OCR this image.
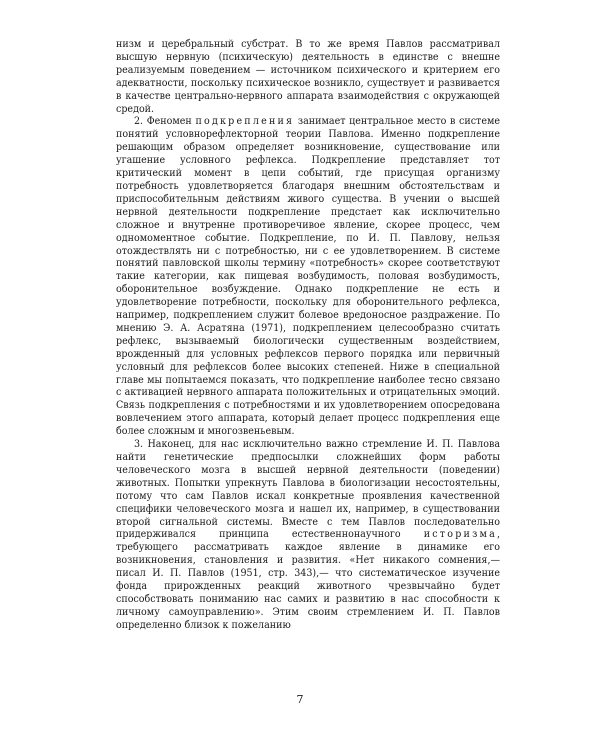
низм и церебральный субстрат. В то же время Павлов рассматривал высшую нервную (психическую) деятельность в единстве с внешне реализуемым поведением — источником психического и критерием его адекватности, поскольку психическое возникло, существует и развивается в качестве центрально-нервного аппарата взаимодействия с окружающей средой.

2. Феномен подкрепления занимает центральное место в системе понятий условнорефлекторной теории Павлова. Именно подкрепление решающим образом определяет возникновение, существование или угашение условного рефлекса. Подкрепление представляет тот критический момент в цепи событий, где присущая организму потребность удовлетворяется благодаря внешним обстоятельствам и приспособительным действиям живого существа. В учении о высшей нервной деятельности подкрепление предстает как исключительно сложное и внутренне противоречивое явление, скорее процесс, чем одномоментное событие. Подкрепление, по И. П. Павлову, нельзя отождествлять ни с потребностью, ни с ее удовлетворением. В системе понятий павловской школы термину «потребность» скорее соответствуют такие категории, как пищевая возбудимость, половая возбудимость, оборонительное возбуждение. Однако подкрепление не есть и удовлетворение потребности, поскольку для оборонительного рефлекса, например, подкреплением служит болевое вредоносное раздражение. По мнению Э. А. Асратяна (1971), подкреплением целесообразно считать рефлекс, вызываемый биологически существенным воздействием, врожденный для условных рефлексов первого порядка или первичный условный для рефлексов более высоких степеней. Ниже в специальной главе мы попытаемся показать, что подкрепление наиболее тесно связано с активацией нервного аппарата положительных и отрицательных эмоций. Связь подкрепления с потребностями и их удовлетворением опосредована вовлечением этого аппарата, который делает процесс подкрепления еще более сложным и многозвеньевым.

3. Наконец, для нас исключительно важно стремление И. П. Павлова найти генетические предпосылки сложнейших форм работы человеческого мозга в высшей нервной деятельности (поведении) животных. Попытки упрекнуть Павлова в биологизации несостоятельны, потому что сам Павлов искал конкретные проявления качественной специфики человеческого мозга и нашел их, например, в существовании второй сигнальной системы. Вместе с тем Павлов последовательно придерживался принципа естественнонаучного историзма, требующего рассматривать каждое явление в динамике его возникновения, становления и развития. «Нет никакого сомнения,— писал И. П. Павлов (1951, стр. 343),— что систематическое изучение фонда прирожденных реакций животного чрезвычайно будет способствовать пониманию нас самих и развитию в нас способности к личному самоуправлению». Этим своим стремлением И. П. Павлов определенно близок к пожеланию

7
